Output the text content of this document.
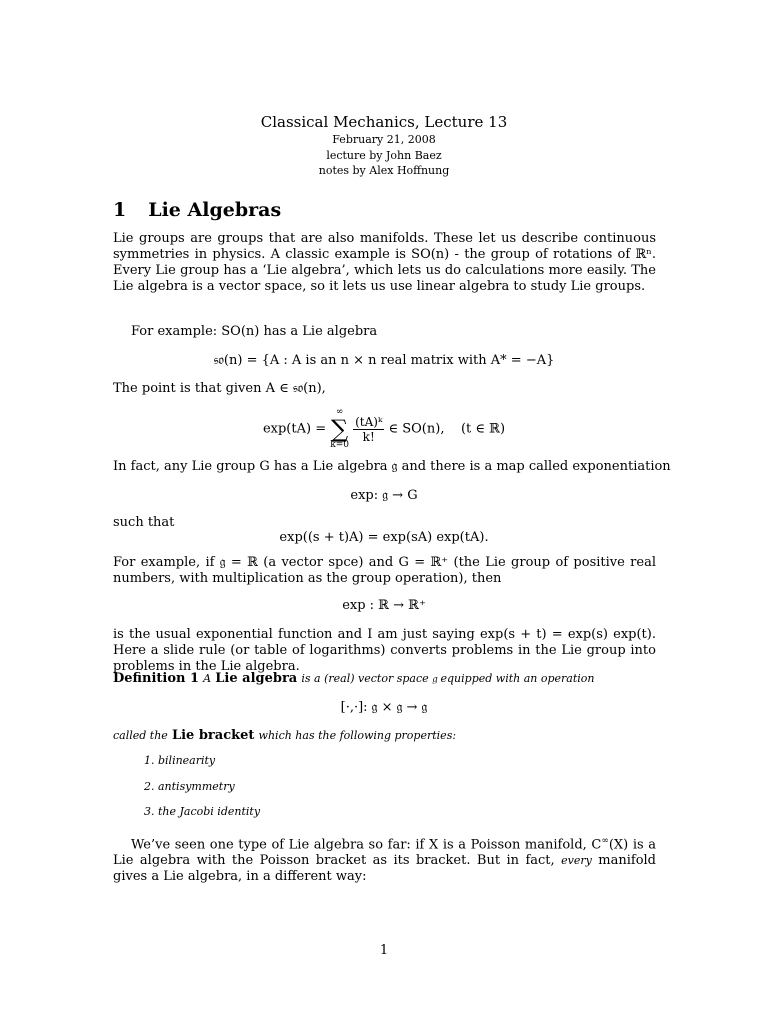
Classical Mechanics, Lecture 13
February 21, 2008
lecture by John Baez
notes by Alex Hoffnung
1 Lie Algebras
Lie groups are groups that are also manifolds. These let us describe continuous symmetries in physics. A classic example is SO(n) - the group of rotations of ℝⁿ. Every Lie group has a ‘Lie algebra’, which lets us do calculations more easily. The Lie algebra is a vector space, so it lets us use linear algebra to study Lie groups.
For example: SO(n) has a Lie algebra
𝔰𝔬(n) = {A : A is an n × n real matrix with A* = −A}
The point is that given A ∈ 𝔰𝔬(n),
exp(tA) =
∞
∑
k=0

$\frac{\text{(tA)ᵏ}}{k!}$ ∈ SO(n),    (t ∈ ℝ)
In fact, any Lie group G has a Lie algebra 𝔤 and there is a map called exponentiation
exp: 𝔤 → G
such that
exp((s + t)A) = exp(sA) exp(tA).
For example, if 𝔤 = ℝ (a vector spce) and G = ℝ⁺ (the Lie group of positive real numbers, with multiplication as the group operation), then
exp : ℝ → ℝ⁺
is the usual exponential function and I am just saying exp(s + t) = exp(s) exp(t). Here a slide rule (or table of logarithms) converts problems in the Lie group into problems in the Lie algebra.
Definition 1 A Lie algebra is a (real) vector space 𝔤 equipped with an operation
[·,·]: 𝔤 × 𝔤 → 𝔤
called the Lie bracket which has the following properties:
1. bilinearity
2. antisymmetry
3. the Jacobi identity
We’ve seen one type of Lie algebra so far: if X is a Poisson manifold, C∞(X) is a Lie algebra with the Poisson bracket as its bracket. But in fact, every manifold gives a Lie algebra, in a different way:
1
